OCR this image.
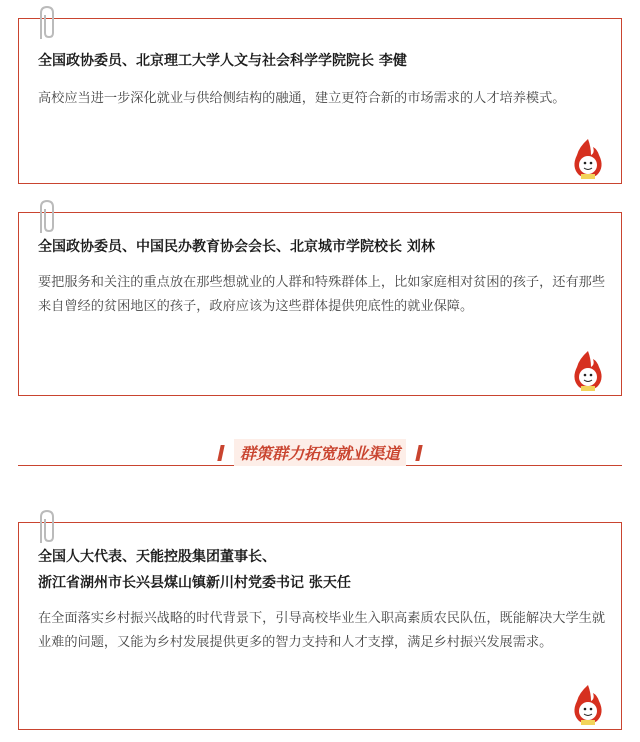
全国政协委员、北京理工大学人文与社会科学学院院长 李健
高校应当进一步深化就业与供给侧结构的融通，建立更符合新的市场需求的人才培养模式。
全国政协委员、中国民办教育协会会长、北京城市学院校长 刘林
要把服务和关注的重点放在那些想就业的人群和特殊群体上，比如家庭相对贫困的孩子，还有那些来自曾经的贫困地区的孩子，政府应该为这些群体提供兜底性的就业保障。
群策群力拓宽就业渠道
全国人大代表、天能控股集团董事长、
浙江省湖州市长兴县煤山镇新川村党委书记 张天任
在全面落实乡村振兴战略的时代背景下，引导高校毕业生入职高素质农民队伍，既能解决大学生就业难的问题，又能为乡村发展提供更多的智力支持和人才支撑，满足乡村振兴发展需求。
